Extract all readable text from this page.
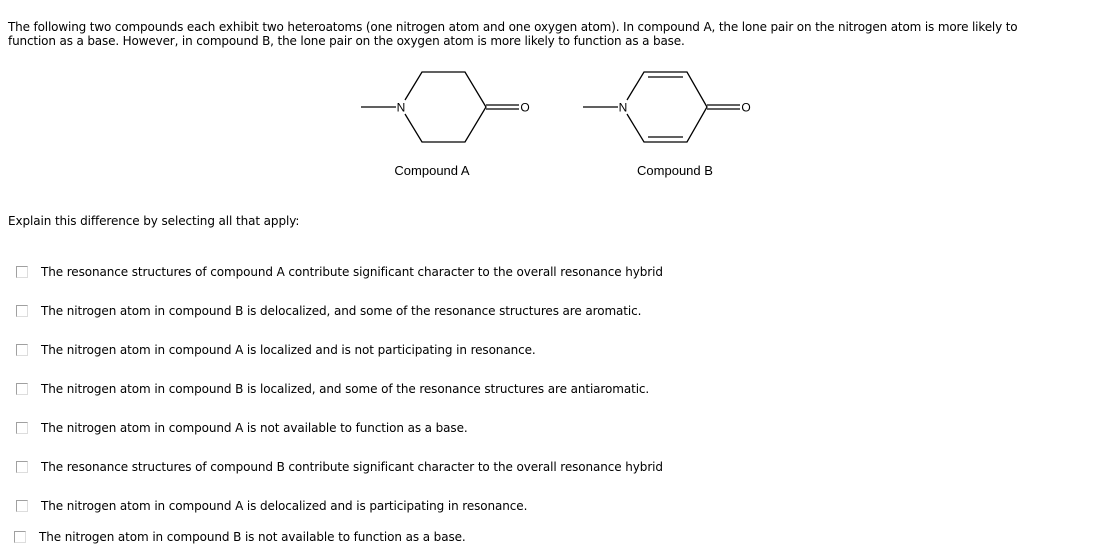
The following two compounds each exhibit two heteroatoms (one nitrogen atom and one oxygen atom). In compound A, the lone pair on the nitrogen atom is more likely to
function as a base. However, in compound B, the lone pair on the oxygen atom is more likely to function as a base.
N	O
Compound A
N	O
Compound B
Explain this difference by selecting all that apply:
The resonance structures of compound A contribute significant character to the overall resonance hybrid
The nitrogen atom in compound B is delocalized, and some of the resonance structures are aromatic.
The nitrogen atom in compound A is localized and is not participating in resonance.
The nitrogen atom in compound B is localized, and some of the resonance structures are antiaromatic.
The nitrogen atom in compound A is not available to function as a base.
The resonance structures of compound B contribute significant character to the overall resonance hybrid
The nitrogen atom in compound A is delocalized and is participating in resonance.
The nitrogen atom in compound B is not available to function as a base.
